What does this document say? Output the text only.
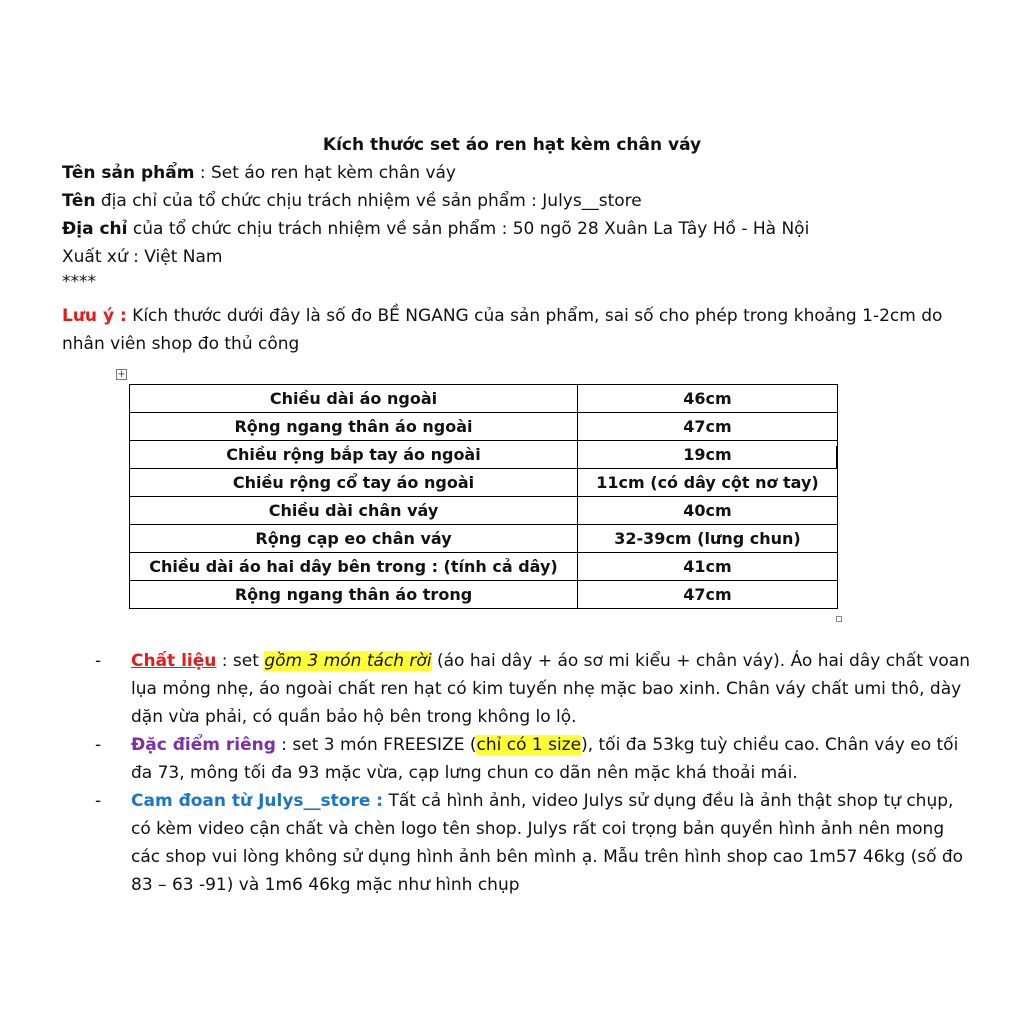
Kích thước set áo ren hạt kèm chân váy
Tên sản phẩm : Set áo ren hạt kèm chân váy
Tên địa chỉ của tổ chức chịu trách nhiệm về sản phẩm : Julys__store
Địa chỉ của tổ chức chịu trách nhiệm về sản phẩm : 50 ngõ 28 Xuân La Tây Hồ - Hà Nội
Xuất xứ : Việt Nam
****
Lưu ý : Kích thước dưới đây là số đo BỀ NGANG của sản phẩm, sai số cho phép trong khoảng 1-2cm do nhân viên shop đo thủ công
+
Chiều dài áo ngoài	46cm
Rộng ngang thân áo ngoài	47cm
Chiều rộng bắp tay áo ngoài	19cm
Chiều rộng cổ tay áo ngoài	11cm (có dây cột nơ tay)
Chiều dài chân váy	40cm
Rộng cạp eo chân váy	32-39cm (lưng chun)
Chiều dài áo hai dây bên trong : (tính cả dây)	41cm
Rộng ngang thân áo trong	47cm
- Chất liệu : set gồm 3 món tách rời (áo hai dây + áo sơ mi kiểu + chân váy). Áo hai dây chất voan lụa mỏng nhẹ, áo ngoài chất ren hạt có kim tuyến nhẹ mặc bao xinh. Chân váy chất umi thô, dày dặn vừa phải, có quần bảo hộ bên trong không lo lộ.
- Đặc điểm riêng : set 3 món FREESIZE (chỉ có 1 size), tối đa 53kg tuỳ chiều cao. Chân váy eo tối đa 73, mông tối đa 93 mặc vừa, cạp lưng chun co dãn nên mặc khá thoải mái.
- Cam đoan từ Julys__store : Tất cả hình ảnh, video Julys sử dụng đều là ảnh thật shop tự chụp, có kèm video cận chất và chèn logo tên shop. Julys rất coi trọng bản quyền hình ảnh nên mong các shop vui lòng không sử dụng hình ảnh bên mình ạ. Mẫu trên hình shop cao 1m57 46kg (số đo 83 – 63 -91) và 1m6 46kg mặc như hình chụp
